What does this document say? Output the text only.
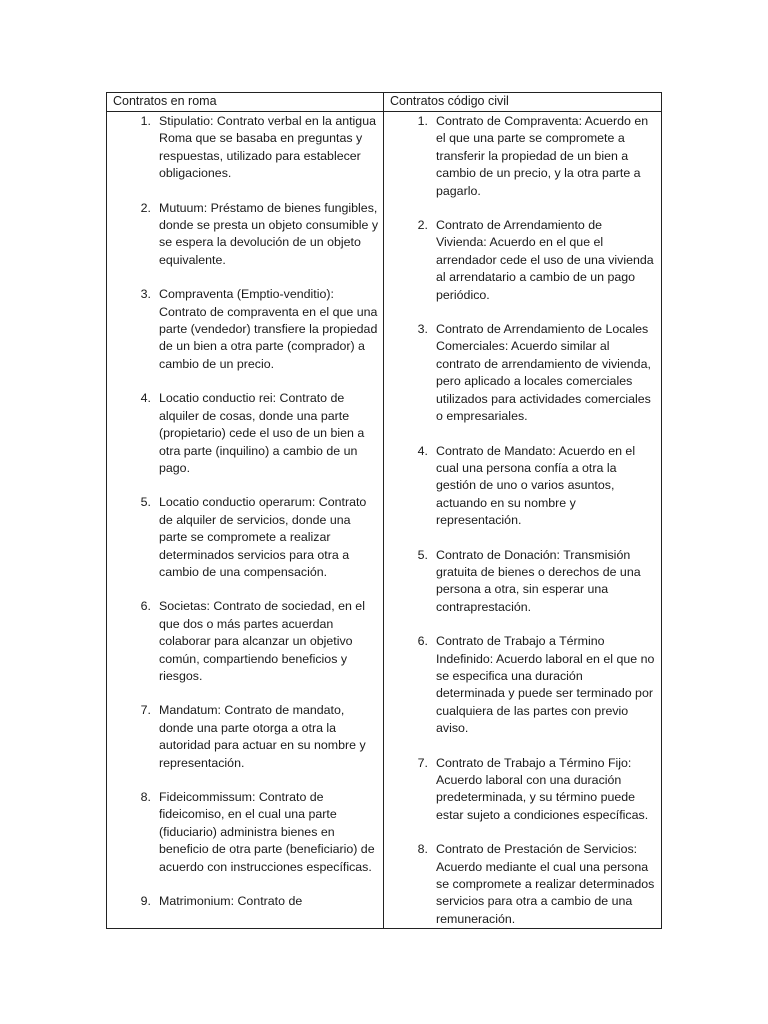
Contratos en roma	Contratos código civil
1. Stipulatio: Contrato verbal en la antigua Roma que se basaba en preguntas y respuestas, utilizado para establecer obligaciones.
2. Mutuum: Préstamo de bienes fungibles, donde se presta un objeto consumible y se espera la devolución de un objeto equivalente.
3. Compraventa (Emptio-venditio): Contrato de compraventa en el que una parte (vendedor) transfiere la propiedad de un bien a otra parte (comprador) a cambio de un precio.
4. Locatio conductio rei: Contrato de alquiler de cosas, donde una parte (propietario) cede el uso de un bien a otra parte (inquilino) a cambio de un pago.
5. Locatio conductio operarum: Contrato de alquiler de servicios, donde una parte se compromete a realizar determinados servicios para otra a cambio de una compensación.
6. Societas: Contrato de sociedad, en el que dos o más partes acuerdan colaborar para alcanzar un objetivo común, compartiendo beneficios y riesgos.
7. Mandatum: Contrato de mandato, donde una parte otorga a otra la autoridad para actuar en su nombre y representación.
8. Fideicommissum: Contrato de fideicomiso, en el cual una parte (fiduciario) administra bienes en beneficio de otra parte (beneficiario) de acuerdo con instrucciones específicas.
9. Matrimonium: Contrato de
1. Contrato de Compraventa: Acuerdo en el que una parte se compromete a transferir la propiedad de un bien a cambio de un precio, y la otra parte a pagarlo.
2. Contrato de Arrendamiento de Vivienda: Acuerdo en el que el arrendador cede el uso de una vivienda al arrendatario a cambio de un pago periódico.
3. Contrato de Arrendamiento de Locales Comerciales: Acuerdo similar al contrato de arrendamiento de vivienda, pero aplicado a locales comerciales utilizados para actividades comerciales o empresariales.
4. Contrato de Mandato: Acuerdo en el cual una persona confía a otra la gestión de uno o varios asuntos, actuando en su nombre y representación.
5. Contrato de Donación: Transmisión gratuita de bienes o derechos de una persona a otra, sin esperar una contraprestación.
6. Contrato de Trabajo a Término Indefinido: Acuerdo laboral en el que no se especifica una duración determinada y puede ser terminado por cualquiera de las partes con previo aviso.
7. Contrato de Trabajo a Término Fijo: Acuerdo laboral con una duración predeterminada, y su término puede estar sujeto a condiciones específicas.
8. Contrato de Prestación de Servicios: Acuerdo mediante el cual una persona se compromete a realizar determinados servicios para otra a cambio de una remuneración.
